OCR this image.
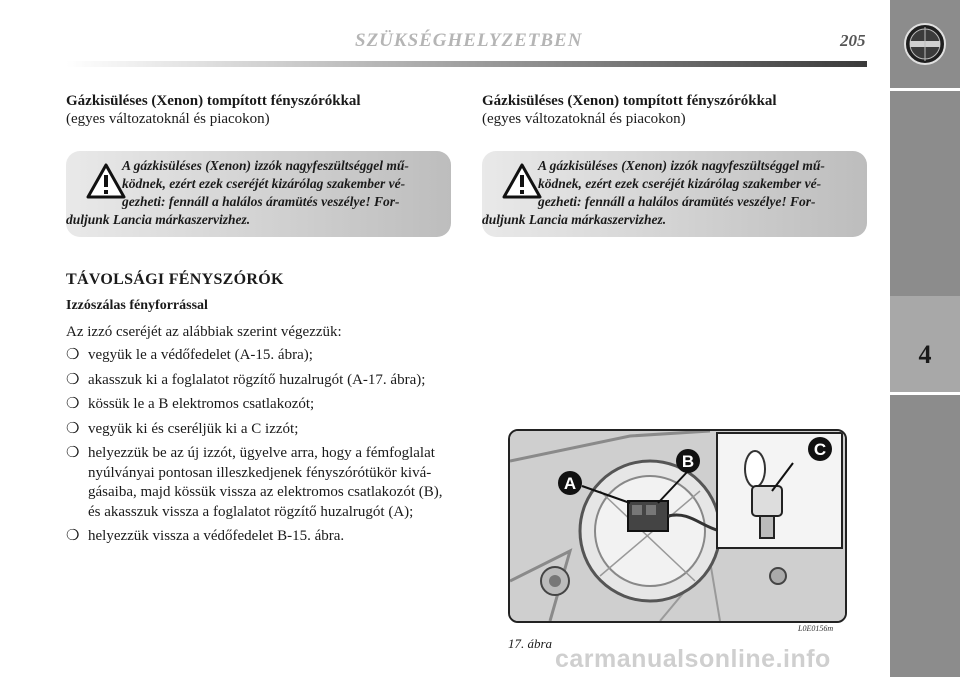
SZÜKSÉGHELYZETBEN	205
4
Gázkisüléses (Xenon) tompított fényszórókkal
(egyes változatoknál és piacokon)
A gázkisüléses (Xenon) izzók nagyfeszültséggel mű-
ködnek, ezért ezek cseréjét kizárólag szakember vé-
gezheti: fennáll a halálos áramütés veszélye! For-
duljunk Lancia márkaszervizhez.
TÁVOLSÁGI FÉNYSZÓRÓK
Izzószálas fényforrással
Az izzó cseréjét az alábbiak szerint végezzük:
❍ vegyük le a védőfedelet (A-15. ábra);
❍ akasszuk ki a foglalatot rögzítő huzalrugót (A-17. ábra);
❍ kössük le a B elektromos csatlakozót;
❍ vegyük ki és cseréljük ki a C izzót;
❍ helyezzük be az új izzót, ügyelve arra, hogy a fémfoglalat nyúlványai pontosan illeszkedjenek fényszórótükör kivágásaiba, majd kössük vissza az elektromos csatlakozót (B), és akasszuk vissza a foglalatot rögzítő huzalrugót (A);
❍ helyezzük vissza a védőfedelet B-15. ábra.
Gázkisüléses (Xenon) tompított fényszórókkal
(egyes változatoknál és piacokon)
A gázkisüléses (Xenon) izzók nagyfeszültséggel mű-
ködnek, ezért ezek cseréjét kizárólag szakember vé-
gezheti: fennáll a halálos áramütés veszélye! For-
duljunk Lancia márkaszervizhez.
A
B
C
L0E0156m
17. ábra
carmanualsonline.info
